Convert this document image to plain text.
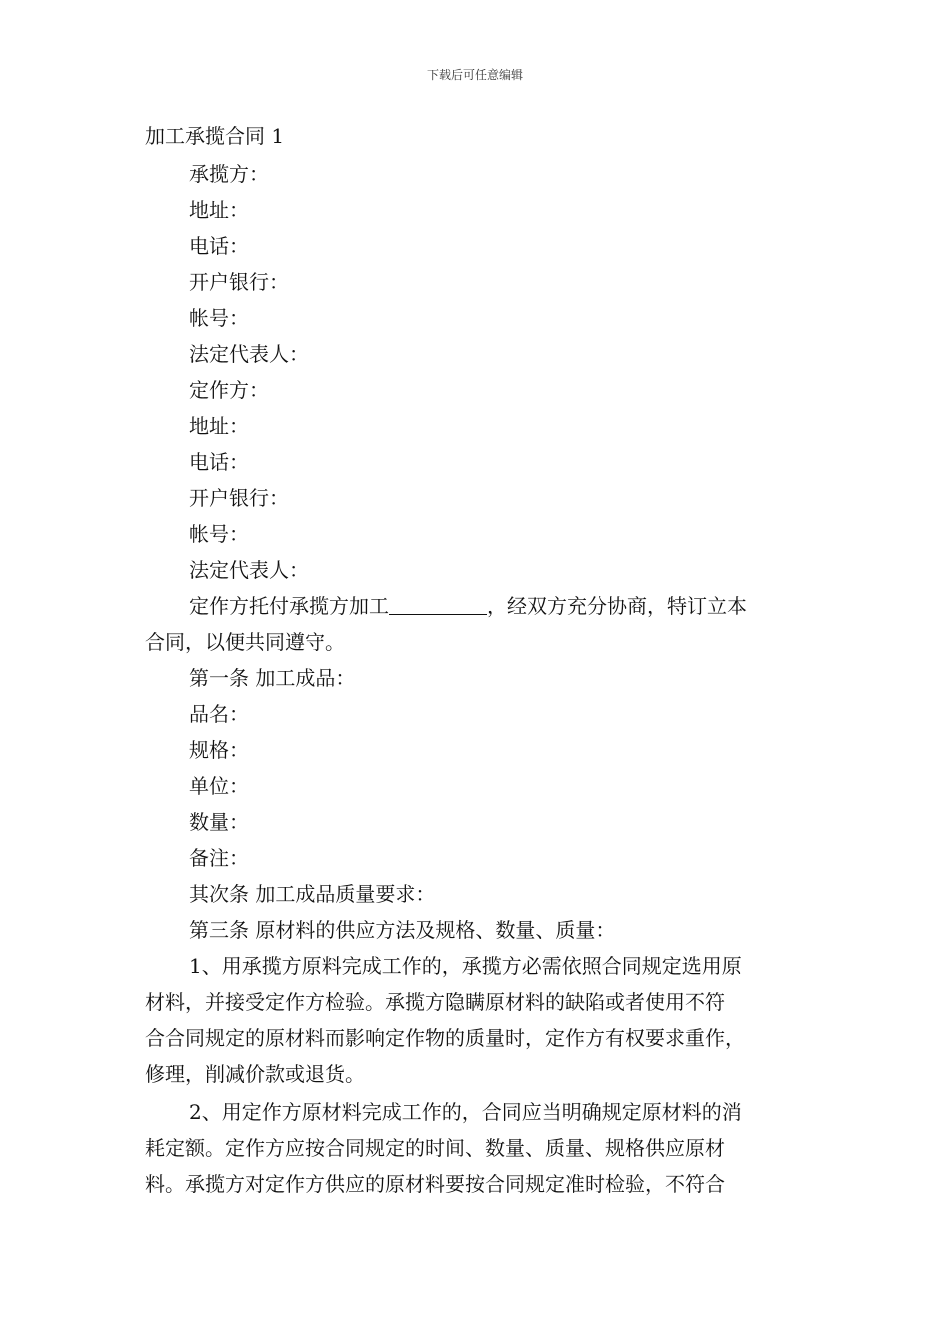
下载后可任意编辑
加工承揽合同 1
承揽方：
地址：
电话：
开户银行：
帐号：
法定代表人：
定作方：
地址：
电话：
开户银行：
帐号：
法定代表人：
定作方托付承揽方加工	，经双方充分协商，特订立本
合同，以便共同遵守。
第一条 加工成品：
品名：
规格：
单位：
数量：
备注：
其次条 加工成品质量要求：
第三条 原材料的供应方法及规格、数量、质量：
1、用承揽方原料完成工作的，承揽方必需依照合同规定选用原
材料，并接受定作方检验。承揽方隐瞒原材料的缺陷或者使用不符
合合同规定的原材料而影响定作物的质量时，定作方有权要求重作，
修理，削减价款或退货。
2、用定作方原材料完成工作的，合同应当明确规定原材料的消
耗定额。定作方应按合同规定的时间、数量、质量、规格供应原材
料。承揽方对定作方供应的原材料要按合同规定准时检验，不符合
